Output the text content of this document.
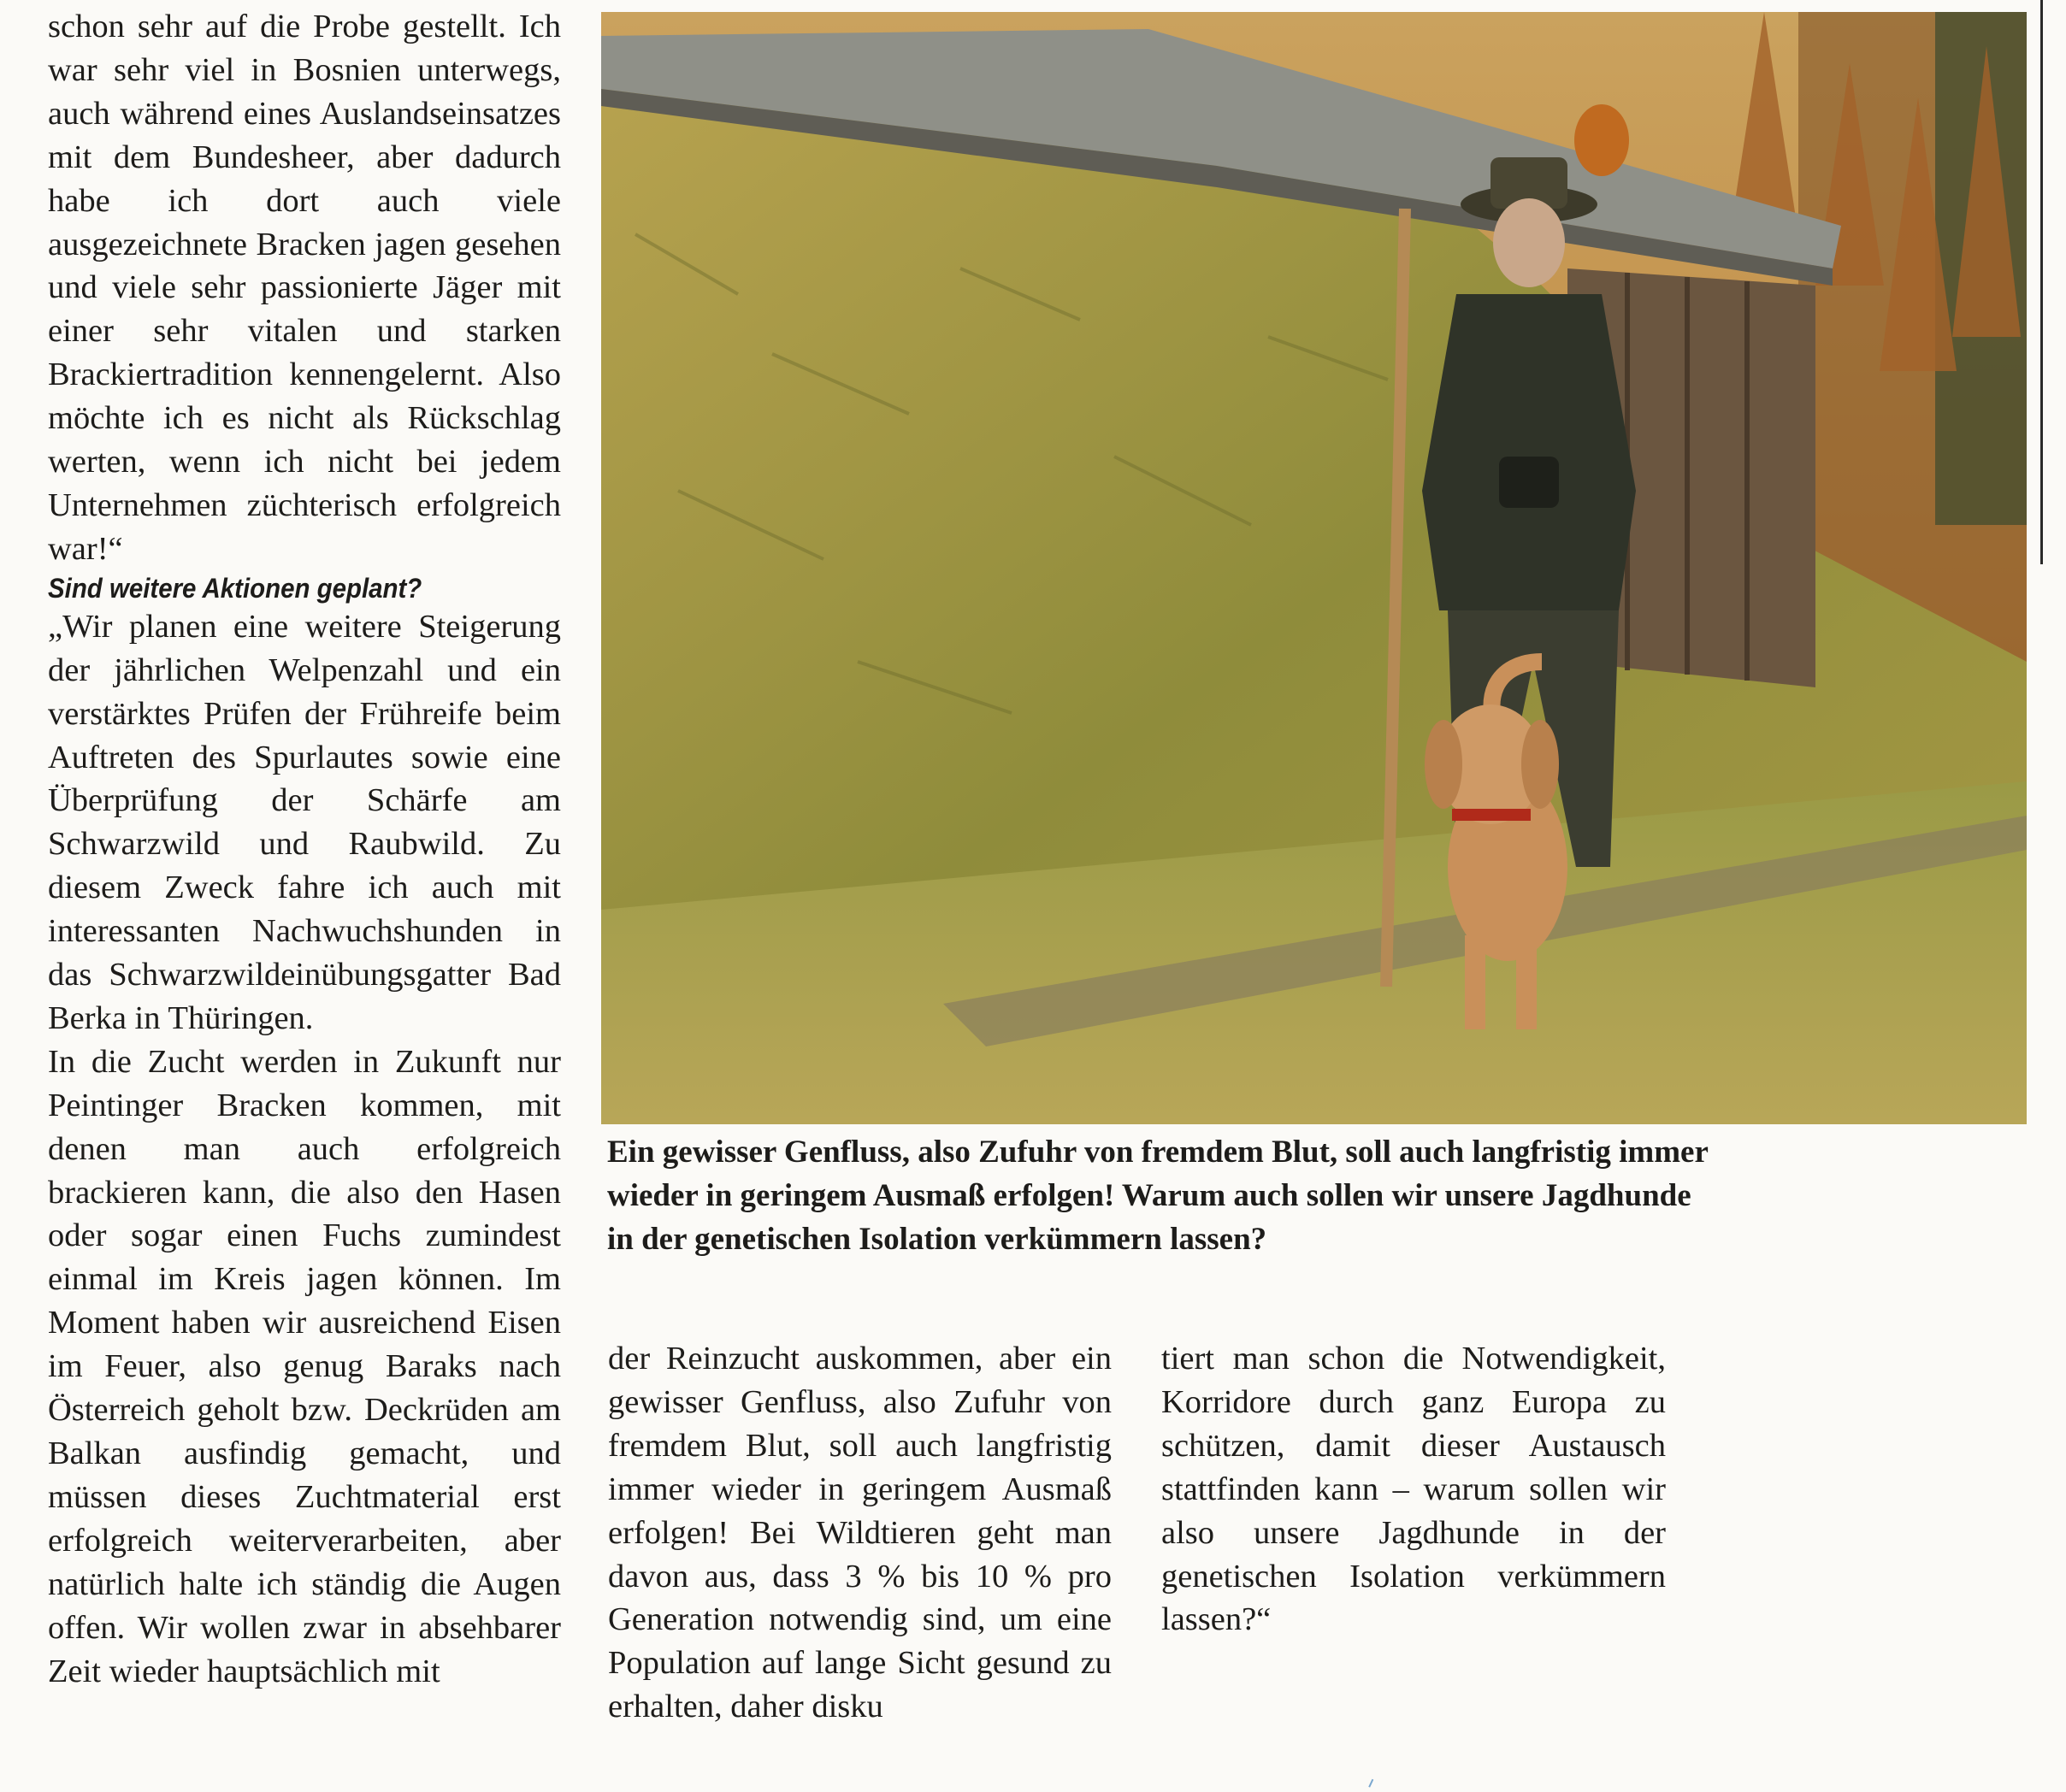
schon sehr auf die Probe gestellt. Ich war sehr viel in Bosnien unterwegs, auch während eines Auslandseinsatzes mit dem Bundesheer, aber dadurch habe ich dort auch viele ausgezeichnete Bracken jagen gesehen und viele sehr passionierte Jäger mit einer sehr vitalen und starken Brackiertradition kennengelernt. Also möchte ich es nicht als Rückschlag werten, wenn ich nicht bei jedem Unternehmen züchterisch erfolgreich war!“

Sind weitere Aktionen geplant?

„Wir planen eine weitere Steigerung der jährlichen Welpenzahl und ein verstärktes Prüfen der Frühreife beim Auftreten des Spurlautes sowie eine Überprüfung der Schärfe am Schwarzwild und Raubwild. Zu diesem Zweck fahre ich auch mit interessanten Nachwuchshunden in das Schwarzwildeinübungsgatter Bad Berka in Thüringen.

In die Zucht werden in Zukunft nur Peintinger Bracken kommen, mit denen man auch erfolgreich brackieren kann, die also den Hasen oder sogar einen Fuchs zumindest einmal im Kreis jagen können. Im Moment haben wir ausreichend Eisen im Feuer, also genug Baraks nach Österreich geholt bzw. Deckrüden am Balkan ausfindig gemacht, und müssen dieses Zuchtmaterial erst erfolgreich weiterverarbeiten, aber natürlich halte ich ständig die Augen offen. Wir wollen zwar in absehbarer Zeit wieder hauptsächlich mit

Ein gewisser Genfluss, also Zufuhr von fremdem Blut, soll auch langfristig immer

wieder in geringem Ausmaß erfolgen! Warum auch sollen wir unsere Jagdhunde

in der genetischen Isolation verkümmern lassen?

der Reinzucht auskommen, aber ein gewisser Genfluss, also Zufuhr von fremdem Blut, soll auch langfristig immer wieder in geringem Ausmaß erfolgen! Bei Wildtieren geht man davon aus, dass 3 % bis 10 % pro Generation notwendig sind, um eine Population auf lange Sicht gesund zu erhalten, daher disku

tiert man schon die Notwendigkeit, Korridore durch ganz Europa zu schützen, damit dieser Austausch stattfinden kann – warum sollen wir also unsere Jagdhunde in der genetischen Isolation verkümmern lassen?“
